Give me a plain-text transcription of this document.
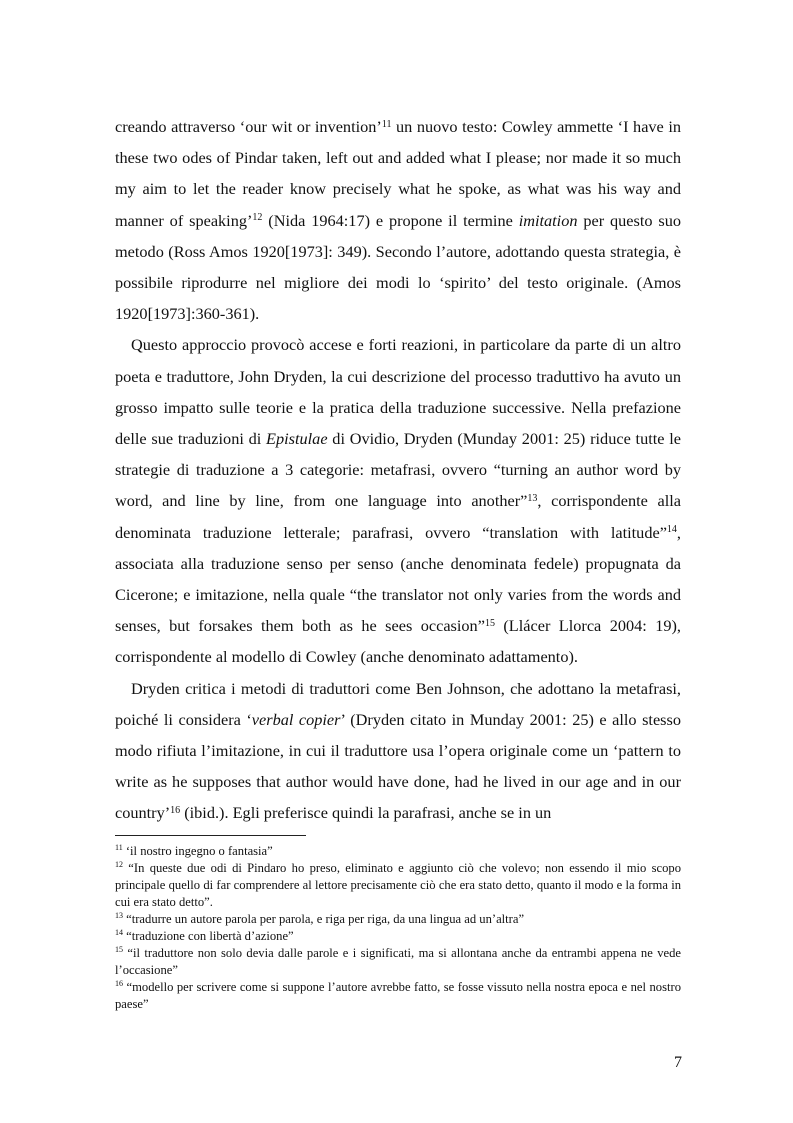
creando attraverso ‘our wit or invention’$^{11}$ un nuovo testo: Cowley ammette ‘I have in these two odes of Pindar taken, left out and added what I please; nor made it so much my aim to let the reader know precisely what he spoke, as what was his way and manner of speaking’$^{12}$ (Nida 1964:17) e propone il termine imitation per questo suo metodo (Ross Amos 1920[1973]: 349). Secondo l’autore, adottando questa strategia, è possibile riprodurre nel migliore dei modi lo ‘spirito’ del testo originale. (Amos 1920[1973]:360-361).

Questo approccio provocò accese e forti reazioni, in particolare da parte di un altro poeta e traduttore, John Dryden, la cui descrizione del processo traduttivo ha avuto un grosso impatto sulle teorie e la pratica della traduzione successive. Nella prefazione delle sue traduzioni di Epistulae di Ovidio, Dryden (Munday 2001: 25) riduce tutte le strategie di traduzione a 3 categorie: metafrasi, ovvero “turning an author word by word, and line by line, from one language into another”$^{13}$, corrispondente alla denominata traduzione letterale; parafrasi, ovvero “translation with latitude”$^{14}$, associata alla traduzione senso per senso (anche denominata fedele) propugnata da Cicerone; e imitazione, nella quale “the translator not only varies from the words and senses, but forsakes them both as he sees occasion”$^{15}$ (Llácer Llorca 2004: 19), corrispondente al modello di Cowley (anche denominato adattamento).

Dryden critica i metodi di traduttori come Ben Johnson, che adottano la metafrasi, poiché li considera ‘verbal copier’ (Dryden citato in Munday 2001: 25) e allo stesso modo rifiuta l’imitazione, in cui il traduttore usa l’opera originale come un ‘pattern to write as he supposes that author would have done, had he lived in our age and in our country’$^{16}$ (ibid.). Egli preferisce quindi la parafrasi, anche se in un

$^{11}$ ‘il nostro ingegno o fantasia”

$^{12}$ “In queste due odi di Pindaro ho preso, eliminato e aggiunto ciò che volevo; non essendo il mio scopo principale quello di far comprendere al lettore precisamente ciò che era stato detto, quanto il modo e la forma in cui era stato detto”.

$^{13}$ “tradurre un autore parola per parola, e riga per riga, da una lingua ad un’altra”

$^{14}$ “traduzione con libertà d’azione”

$^{15}$ “il traduttore non solo devia dalle parole e i significati, ma si allontana anche da entrambi appena ne vede l’occasione”

$^{16}$ “modello per scrivere come si suppone l’autore avrebbe fatto, se fosse vissuto nella nostra epoca e nel nostro paese”

7
